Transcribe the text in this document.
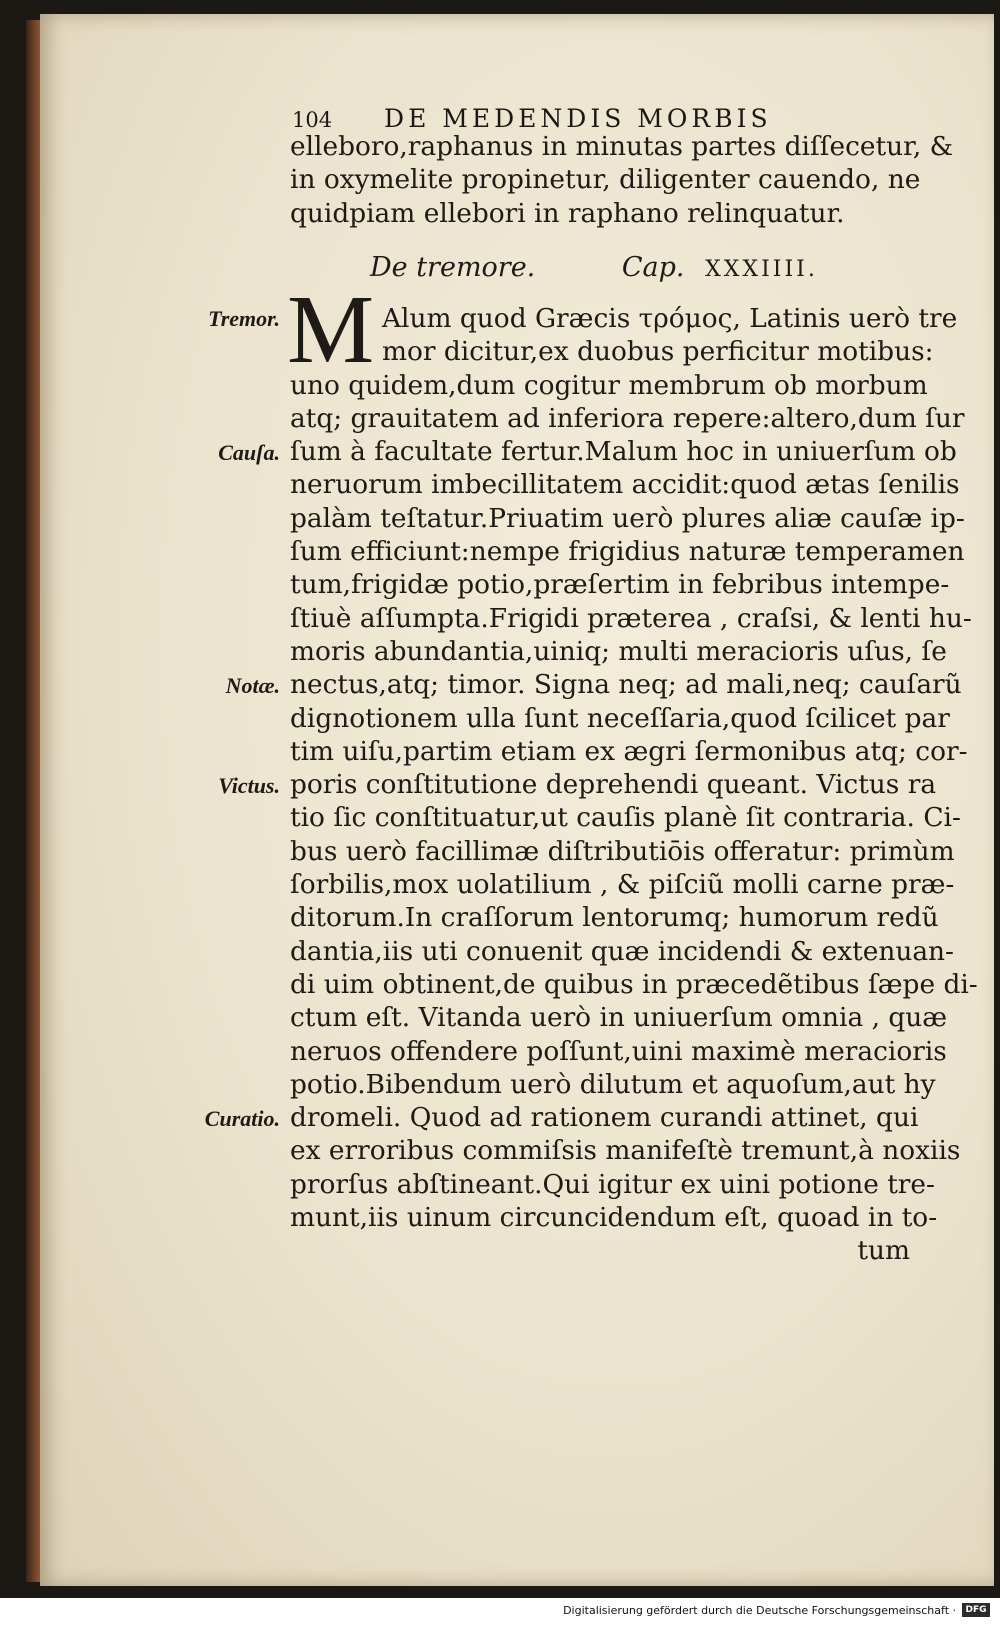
104 DE MEDENDIS MORBIS
elleboro,raphanus in minutas partes diſſecetur, &
in oxymelite propinetur, diligenter cauendo, ne
quidpiam ellebori in raphano relinquatur.
De tremore.	Cap. XXXIIII.
M Alum quod Græcis τρόμος, Latinis uerò tre
mor dicitur,ex duobus perficitur motibus:
uno quidem,dum cogitur membrum ob morbum
atq; grauitatem ad inferiora repere:altero,dum ſur
ſum à facultate fertur.Malum hoc in uniuerſum ob
neruorum imbecillitatem accidit:quod ætas ſenilis
palàm teſtatur.Priuatim uerò plures aliæ cauſæ ip-
ſum efficiunt:nempe frigidius naturæ temperamen
tum,frigidæ potio,præſertim in febribus intempe-
ſtiuè aſſumpta.Frigidi præterea , craſsi, & lenti hu-
moris abundantia,uiniq; multi meracioris uſus, ſe
nectus,atq; timor. Signa neq; ad mali,neq; cauſarũ
dignotionem ulla ſunt neceſſaria,quod ſcilicet par
tim uiſu,partim etiam ex ægri ſermonibus atq; cor-
poris conſtitutione deprehendi queant. Victus ra
tio ſic conſtituatur,ut cauſis planè ſit contraria. Ci-
bus uerò facillimæ diſtributiōis offeratur: primùm
ſorbilis,mox uolatilium , & piſciũ molli carne præ-
ditorum.In craſſorum lentorumq; humorum redũ
dantia,iis uti conuenit quæ incidendi & extenuan-
di uim obtinent,de quibus in præcedẽtibus ſæpe di-
ctum eſt. Vitanda uerò in uniuerſum omnia , quæ
neruos offendere poſſunt,uini maximè meracioris
potio.Bibendum uerò dilutum et aquoſum,aut hy
dromeli. Quod ad rationem curandi attinet, qui
ex erroribus commiſsis manifeſtè tremunt,à noxiis
prorſus abſtineant.Qui igitur ex uini potione tre-
munt,iis uinum circuncidendum eſt, quoad in to-
tum
Tremor.
Cauſa.
Notæ.
Victus.
Curatio.
Digitalisierung gefördert durch die Deutsche Forschungsgemeinschaft ·	DFG
